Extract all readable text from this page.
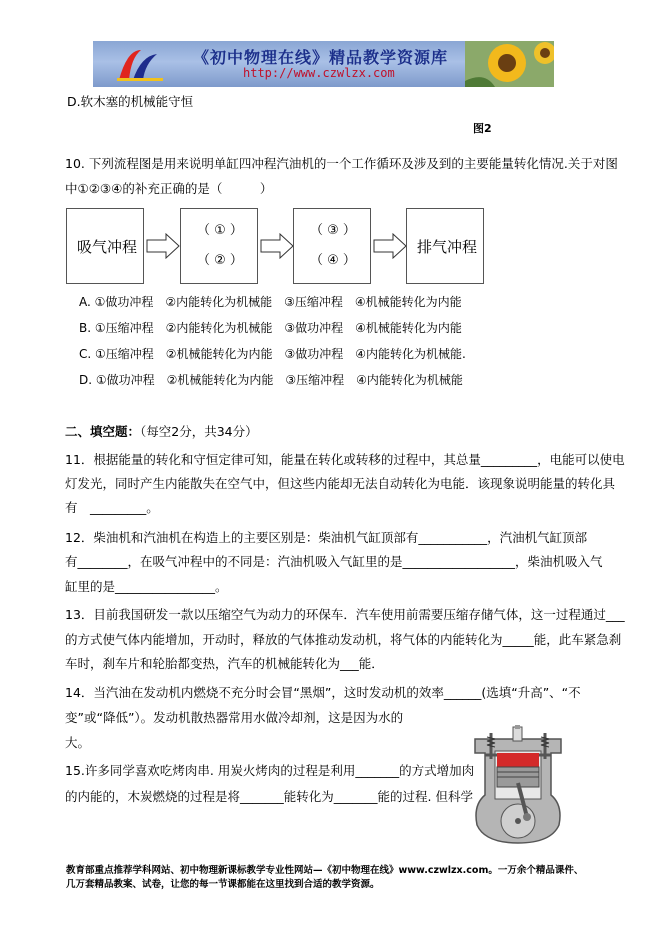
《初中物理在线》精品教学资源库
http://www.czwlzx.com
D.软木塞的机械能守恒
图2
10. 下列流程图是用来说明单缸四冲程汽油机的一个工作循环及涉及到的主要能量转化情况.关于对图
中①②③④的补充正确的是（　　　）
吸气冲程
（ ① ）
（ ② ）
（ ③ ）
（ ④ ）
排气冲程
A. ①做功冲程　②内能转化为机械能　③压缩冲程　④机械能转化为内能
B. ①压缩冲程　②内能转化为机械能　③做功冲程　④机械能转化为内能
C. ①压缩冲程　②机械能转化为内能　③做功冲程　④内能转化为机械能.
D. ①做功冲程　②机械能转化为内能　③压缩冲程　④内能转化为机械能
二、填空题：（每空2分，共34分）
11．根据能量的转化和守恒定律可知，能量在转化或转移的过程中，其总量_________，电能可以使电
灯发光，同时产生内能散失在空气中，但这些内能却无法自动转化为电能．该现象说明能量的转化具
有　_________。
12．柴油机和汽油机在构造上的主要区别是：柴油机气缸顶部有___________，汽油机气缸顶部
有________，在吸气冲程中的不同是：汽油机吸入气缸里的是__________________，柴油机吸入气
缸里的是________________。
13．目前我国研发一款以压缩空气为动力的环保车．汽车使用前需要压缩存储气体，这一过程通过___
的方式使气体内能增加，开动时，释放的气体推动发动机，将气体的内能转化为_____能，此车紧急刹
车时，刹车片和轮胎都变热，汽车的机械能转化为___能．
14．当汽油在发动机内燃烧不充分时会冒“黑烟”，这时发动机的效率______(选填“升高”、“不
变”或“降低”）。发动机散热器常用水做冷却剂，这是因为水的
大。
15.许多同学喜欢吃烤肉串. 用炭火烤肉的过程是利用_______的方式增加肉
的内能的，木炭燃烧的过程是将_______能转化为_______能的过程. 但科学
教育部重点推荐学科网站、初中物理新课标教学专业性网站—《初中物理在线》www.czwlzx.com。一万余个精品课件、
几万套精品教案、试卷，让您的每一节课都能在这里找到合适的教学资源。
